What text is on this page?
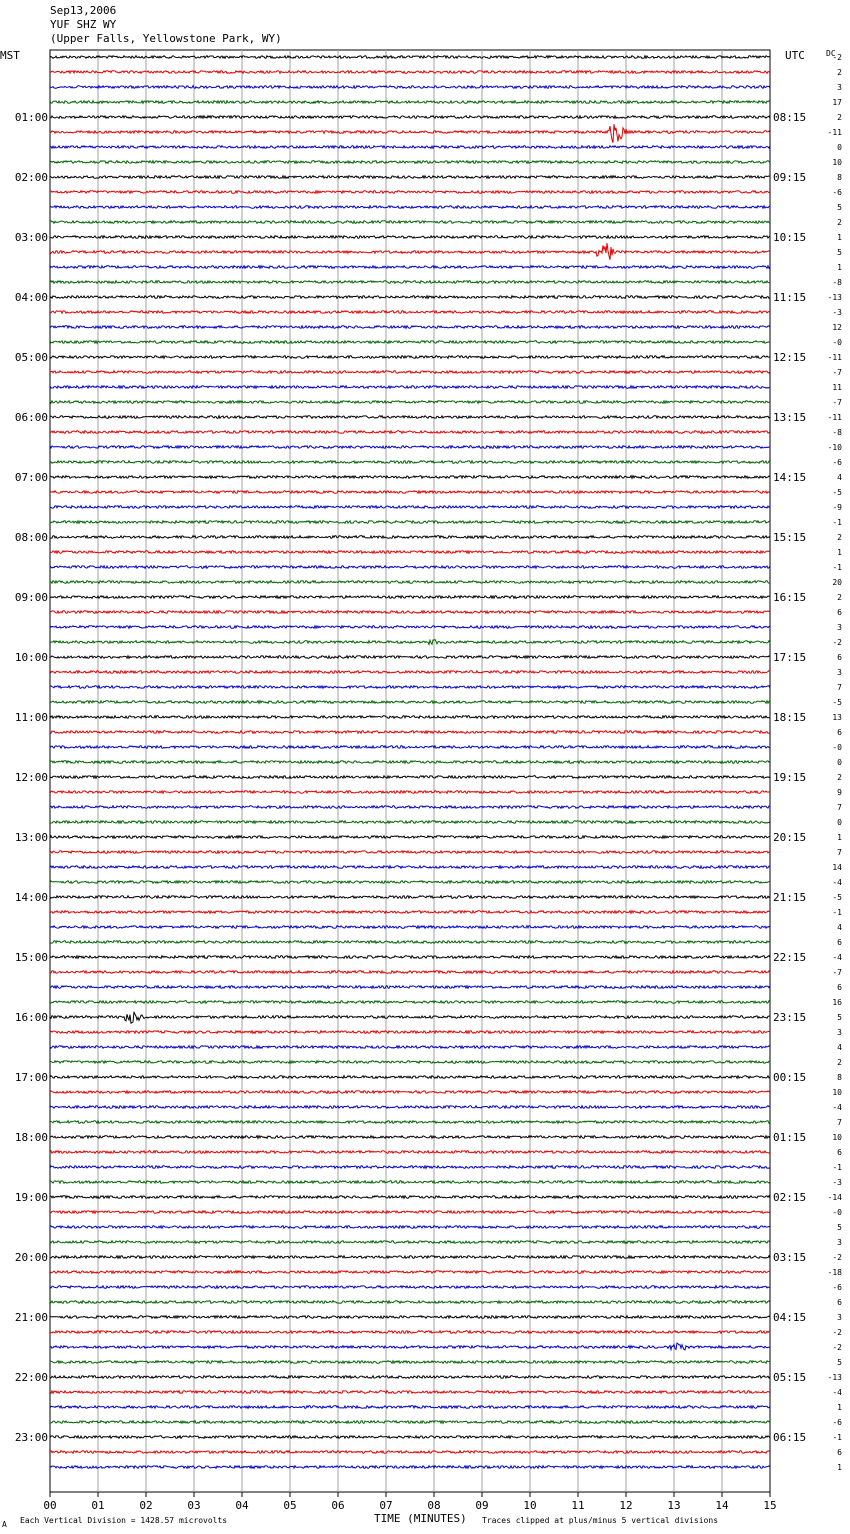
00	01	02	03	04	05	06	07	08	09	10	11	12	13	14	15
01:00
02:00
03:00
04:00
05:00
06:00
07:00
08:00
09:00
10:00
11:00
12:00
13:00
14:00
15:00
16:00
17:00
18:00
19:00
20:00
21:00
22:00
23:00
08:15
09:15
10:15
11:15
12:15
13:15
14:15
15:15
16:15
17:15
18:15
19:15
20:15
21:15
22:15
23:15
00:15
01:15
02:15
03:15
04:15
05:15
06:15
-2
2
3
17
2
-11
0
10
8
-6
5
2
1
5
1
-8
-13
-3
12
-0
-11
-7
11
-7
-11
-8
-10
-6
4
-5
-9
-1
2
1
-1
20
2
6
3
-2
6
3
7
-5
13
6
-0
0
2
9
7
0
1
7
14
-4
-5
-1
4
6
-4
-7
6
16
5
3
4
2
8
10
-4
7
10
6
-1
-3
-14
-0
5
3
-2
-18
-6
6
3
-2
-2
5
-13
-4
1
-6
-1
6
1
Sep13,2006
YUF SHZ WY
(Upper Falls, Yellowstone Park, WY)
MST	UTC	DC
TIME (MINUTES)
A Each Vertical Division = 1428.57 microvolts	Traces clipped at plus/minus 5 vertical divisions
